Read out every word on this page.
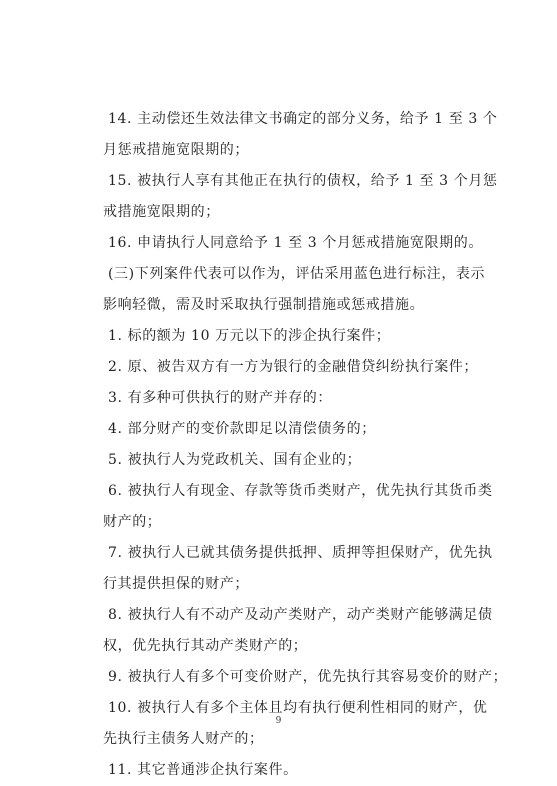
14. 主动偿还生效法律文书确定的部分义务，给予 1 至 3 个
月惩戒措施宽限期的；

15. 被执行人享有其他正在执行的债权，给予 1 至 3 个月惩
戒措施宽限期的；

16. 申请执行人同意给予 1 至 3 个月惩戒措施宽限期的。

(三)下列案件代表可以作为，评估采用蓝色进行标注，表示
影响轻微，需及时采取执行强制措施或惩戒措施。

1. 标的额为 10 万元以下的涉企执行案件；

2. 原、被告双方有一方为银行的金融借贷纠纷执行案件；

3. 有多种可供执行的财产并存的：

4. 部分财产的变价款即足以清偿债务的；

5. 被执行人为党政机关、国有企业的；

6. 被执行人有现金、存款等货币类财产，优先执行其货币类
财产的；

7. 被执行人已就其债务提供抵押、质押等担保财产，优先执
行其提供担保的财产；

8. 被执行人有不动产及动产类财产，动产类财产能够满足债
权，优先执行其动产类财产的；

9. 被执行人有多个可变价财产，优先执行其容易变价的财产；

10. 被执行人有多个主体且均有执行便利性相同的财产，优
先执行主债务人财产的；

11. 其它普通涉企执行案件。

9
